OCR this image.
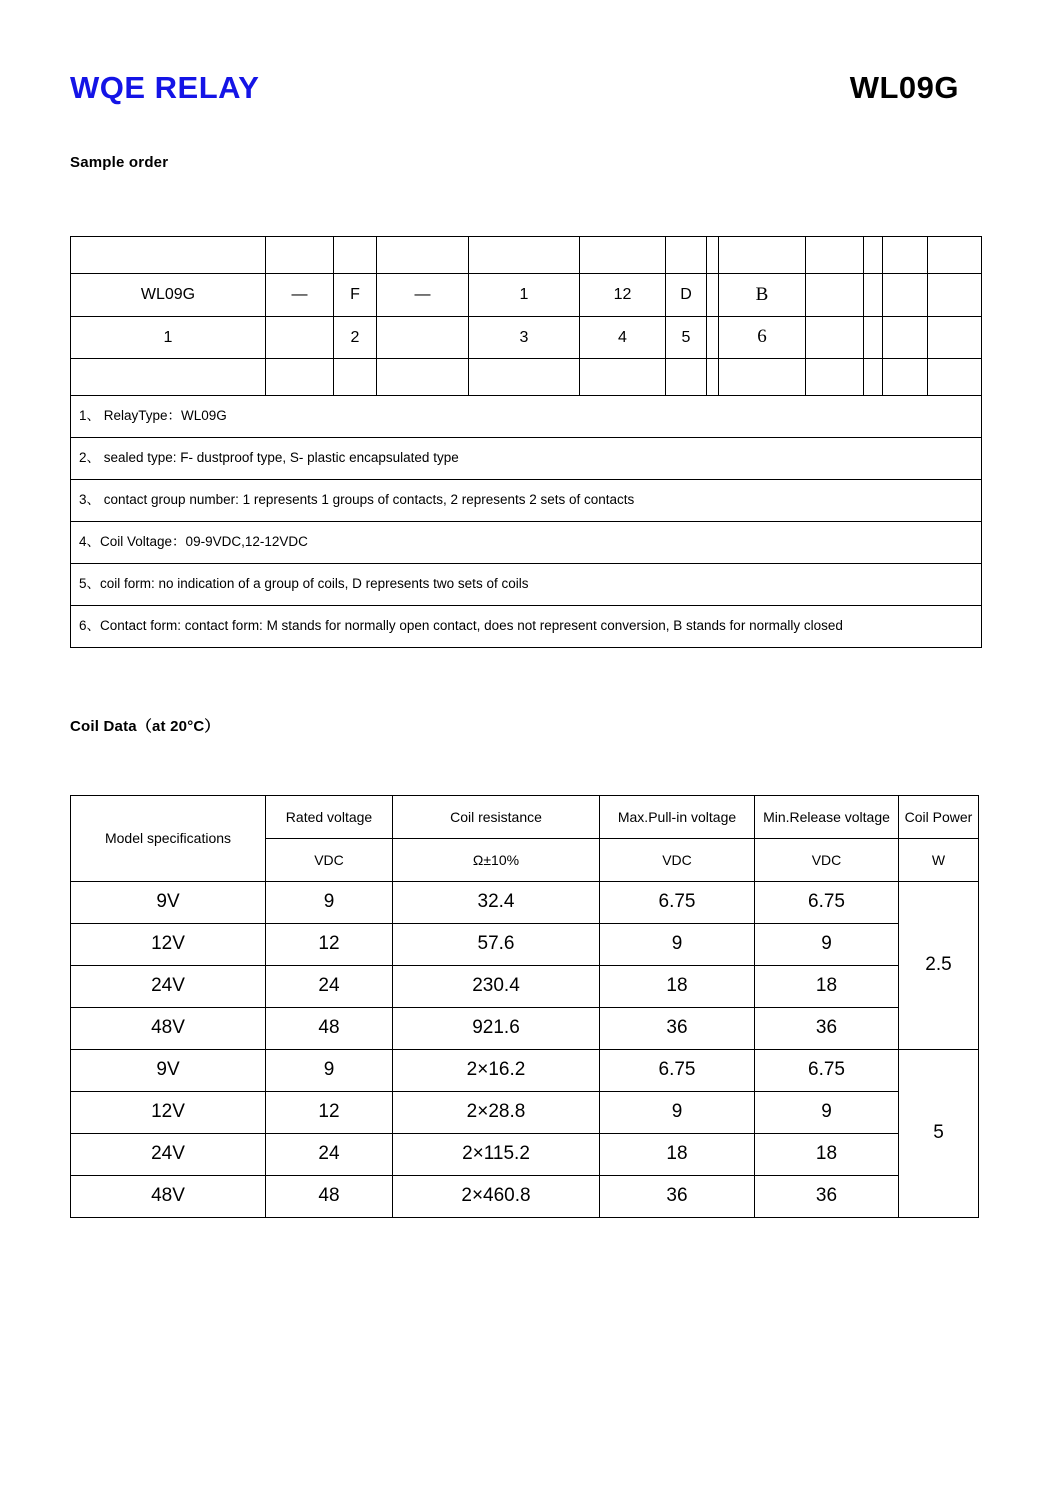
WQE RELAY	WL09G
Sample order

WL09G	—	F	—	1	12	D		B				
1		2		3	4	5		6				

1、 RelayType：WL09G												
2、 sealed type: F- dustproof type, S- plastic encapsulated type												
3、 contact group number: 1 represents 1 groups of contacts, 2 represents 2 sets of contacts												
4、Coil Voltage：09-9VDC,12-12VDC												
5、coil form: no indication of a group of coils, D represents two sets of coils												
6、Contact form: contact form: M stands for normally open contact, does not represent conversion, B stands for normally closed												
Coil Data（at 20°C）
Model specifications	Rated voltage	Coil resistance	Max.Pull-in voltage	Min.Release voltage	Coil Power
	VDC	Ω±10%	VDC	VDC	W
9V	9	32.4	6.75	6.75	2.5
12V	12	57.6	9	9	
24V	24	230.4	18	18	
48V	48	921.6	36	36	
9V	9	2×16.2	6.75	6.75	5
12V	12	2×28.8	9	9	
24V	24	2×115.2	18	18	
48V	48	2×460.8	36	36	
